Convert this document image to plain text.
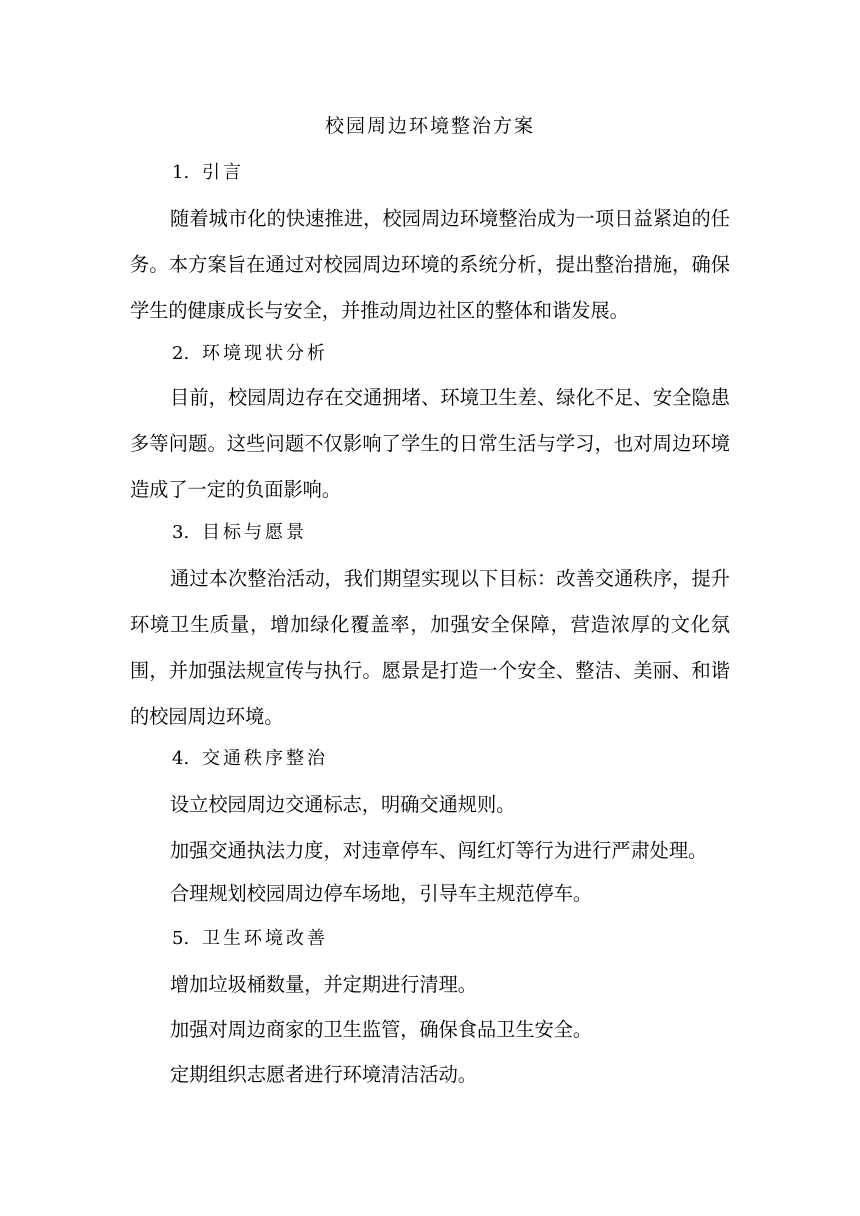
校园周边环境整治方案
1. 引言
随着城市化的快速推进，校园周边环境整治成为一项日益紧迫的任务。本方案旨在通过对校园周边环境的系统分析，提出整治措施，确保学生的健康成长与安全，并推动周边社区的整体和谐发展。
2. 环境现状分析
目前，校园周边存在交通拥堵、环境卫生差、绿化不足、安全隐患多等问题。这些问题不仅影响了学生的日常生活与学习，也对周边环境造成了一定的负面影响。
3. 目标与愿景
通过本次整治活动，我们期望实现以下目标：改善交通秩序，提升环境卫生质量，增加绿化覆盖率，加强安全保障，营造浓厚的文化氛围，并加强法规宣传与执行。愿景是打造一个安全、整洁、美丽、和谐的校园周边环境。
4. 交通秩序整治
设立校园周边交通标志，明确交通规则。
加强交通执法力度，对违章停车、闯红灯等行为进行严肃处理。
合理规划校园周边停车场地，引导车主规范停车。
5. 卫生环境改善
增加垃圾桶数量，并定期进行清理。
加强对周边商家的卫生监管，确保食品卫生安全。
定期组织志愿者进行环境清洁活动。
